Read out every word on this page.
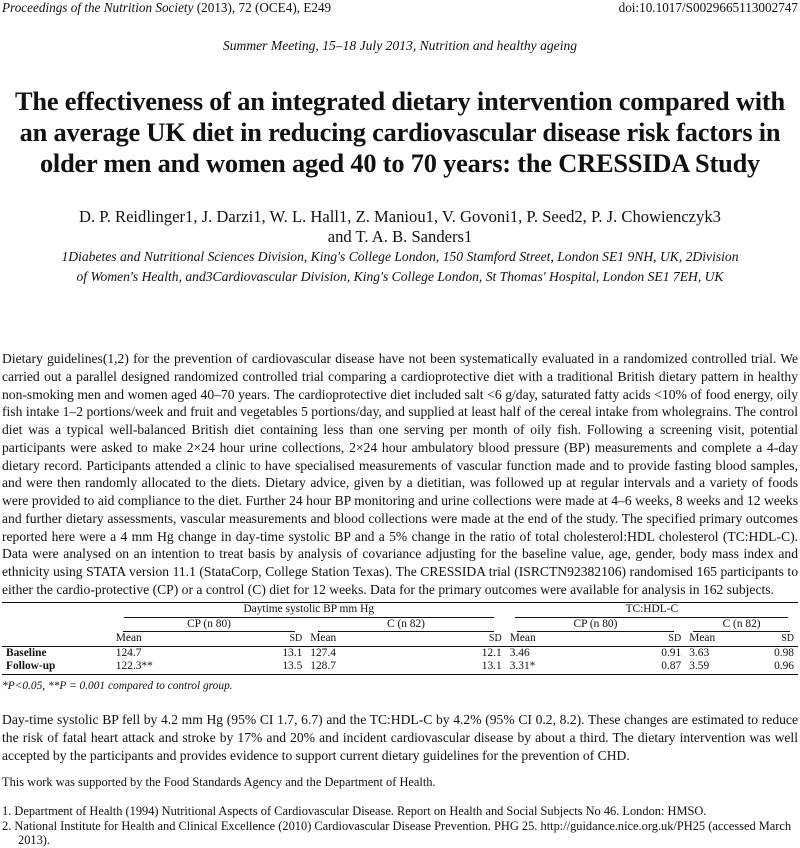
Proceedings of the Nutrition Society (2013), 72 (OCE4), E249	doi:10.1017/S0029665113002747
Summer Meeting, 15–18 July 2013, Nutrition and healthy ageing
The effectiveness of an integrated dietary intervention compared with an average UK diet in reducing cardiovascular disease risk factors in older men and women aged 40 to 70 years: the CRESSIDA Study
D. P. Reidlinger1, J. Darzi1, W. L. Hall1, Z. Maniou1, V. Govoni1, P. Seed2, P. J. Chowienczyk3
and T. A. B. Sanders1
1Diabetes and Nutritional Sciences Division, King's College London, 150 Stamford Street, London SE1 9NH, UK, 2Division
of Women's Health, and3Cardiovascular Division, King's College London, St Thomas' Hospital, London SE1 7EH, UK

Dietary guidelines(1,2) for the prevention of cardiovascular disease have not been systematically evaluated in a randomized controlled trial. We carried out a parallel designed randomized controlled trial comparing a cardioprotective diet with a traditional British dietary pattern in healthy non-smoking men and women aged 40–70 years. The cardioprotective diet included salt <6 g/day, saturated fatty acids <10% of food energy, oily fish intake 1–2 portions/week and fruit and vegetables 5 portions/day, and supplied at least half of the cereal intake from wholegrains. The control diet was a typical well-balanced British diet containing less than one serving per month of oily fish. Following a screening visit, potential participants were asked to make 2×24 hour urine collections, 2×24 hour ambulatory blood pressure (BP) measurements and complete a 4-day dietary record. Participants attended a clinic to have specialised measurements of vascular function made and to provide fasting blood samples, and were then randomly allocated to the diets. Dietary advice, given by a dietitian, was followed up at regular intervals and a variety of foods were provided to aid compliance to the diet. Further 24 hour BP monitoring and urine collections were made at 4–6 weeks, 8 weeks and 12 weeks and further dietary assessments, vascular measurements and blood collections were made at the end of the study. The specified primary outcomes reported here were a 4 mm Hg change in day-time systolic BP and a 5% change in the ratio of total cholesterol:HDL cholesterol (TC:HDL-C). Data were analysed on an intention to treat basis by analysis of covariance adjusting for the baseline value, age, gender, body mass index and ethnicity using STATA version 11.1 (StataCorp, College Station Texas). The CRESSIDA trial (ISRCTN92382106) randomised 165 participants to either the cardio-protective (CP) or a control (C) diet for 12 weeks. Data for the primary outcomes were available for analysis in 162 subjects.

	Daytime systolic BP mm Hg				TC:HDL-C			
	CP (n 80)		C (n 82)		CP (n 80)		C (n 82)	
	Mean	SD	Mean	SD	Mean	SD	Mean	SD
Baseline	124.7	13.1	127.4	12.1	3.46	0.91	3.63	0.98
Follow-up	122.3**	13.5	128.7	13.1	3.31*	0.87	3.59	0.96
*P<0.05, **P = 0.001 compared to control group.

Day-time systolic BP fell by 4.2 mm Hg (95% CI 1.7, 6.7) and the TC:HDL-C by 4.2% (95% CI 0.2, 8.2). These changes are estimated to reduce the risk of fatal heart attack and stroke by 17% and 20% and incident cardiovascular disease by about a third. The dietary intervention was well accepted by the participants and provides evidence to support current dietary guidelines for the prevention of CHD.

This work was supported by the Food Standards Agency and the Department of Health.
1. Department of Health (1994) Nutritional Aspects of Cardiovascular Disease. Report on Health and Social Subjects No 46. London: HMSO.
2. National Institute for Health and Clinical Excellence (2010) Cardiovascular Disease Prevention. PHG 25. http://guidance.nice.org.uk/PH25 (accessed March 2013).
